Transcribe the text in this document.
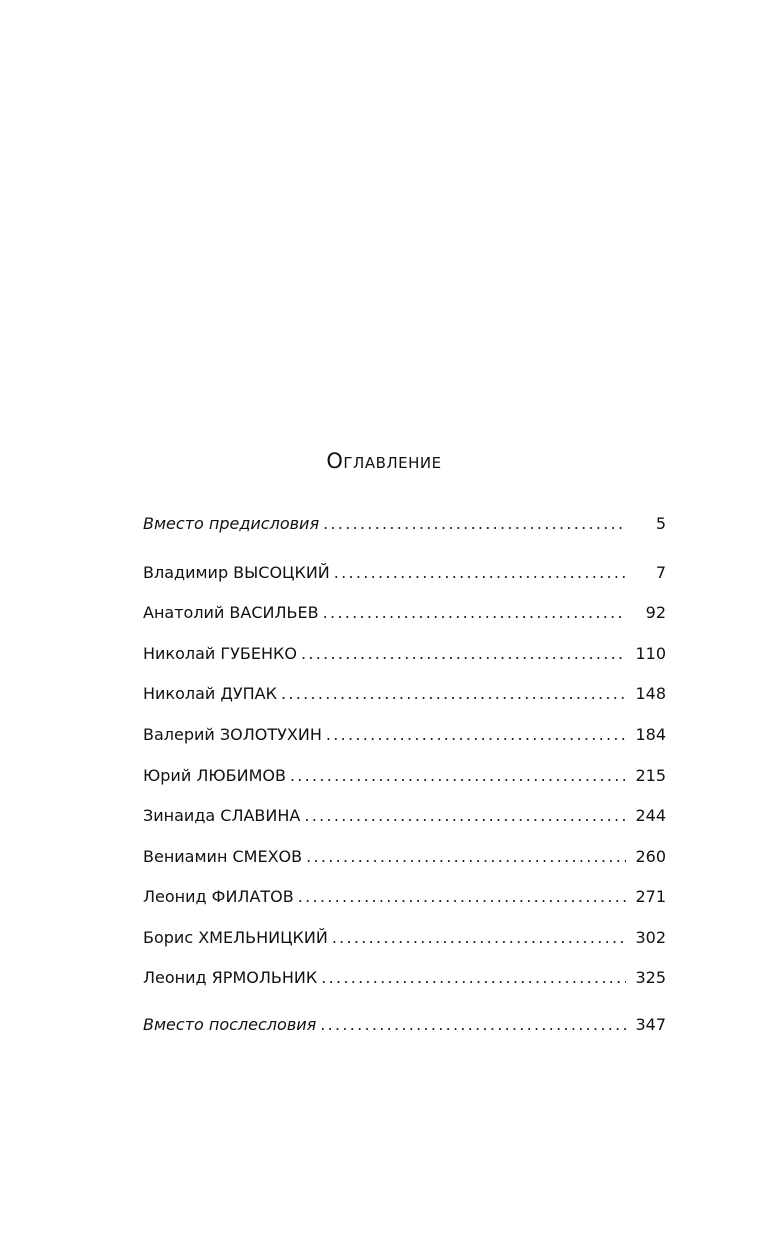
Оглавление
Вместо предисловия . . .	5
Владимир ВЫСОЦКИЙ . . .	7
Анатолий ВАСИЛЬЕВ . . .	92
Николай ГУБЕНКО . . .	110
Николай ДУПАК . . .	148
Валерий ЗОЛОТУХИН . . .	184
Юрий ЛЮБИМОВ . . .	215
Зинаида СЛАВИНА . . .	244
Вениамин СМЕХОВ . . .	260
Леонид ФИЛАТОВ . . .	271
Борис ХМЕЛЬНИЦКИЙ . . .	302
Леонид ЯРМОЛЬНИК . . .	325
Вместо послесловия . . .	347
